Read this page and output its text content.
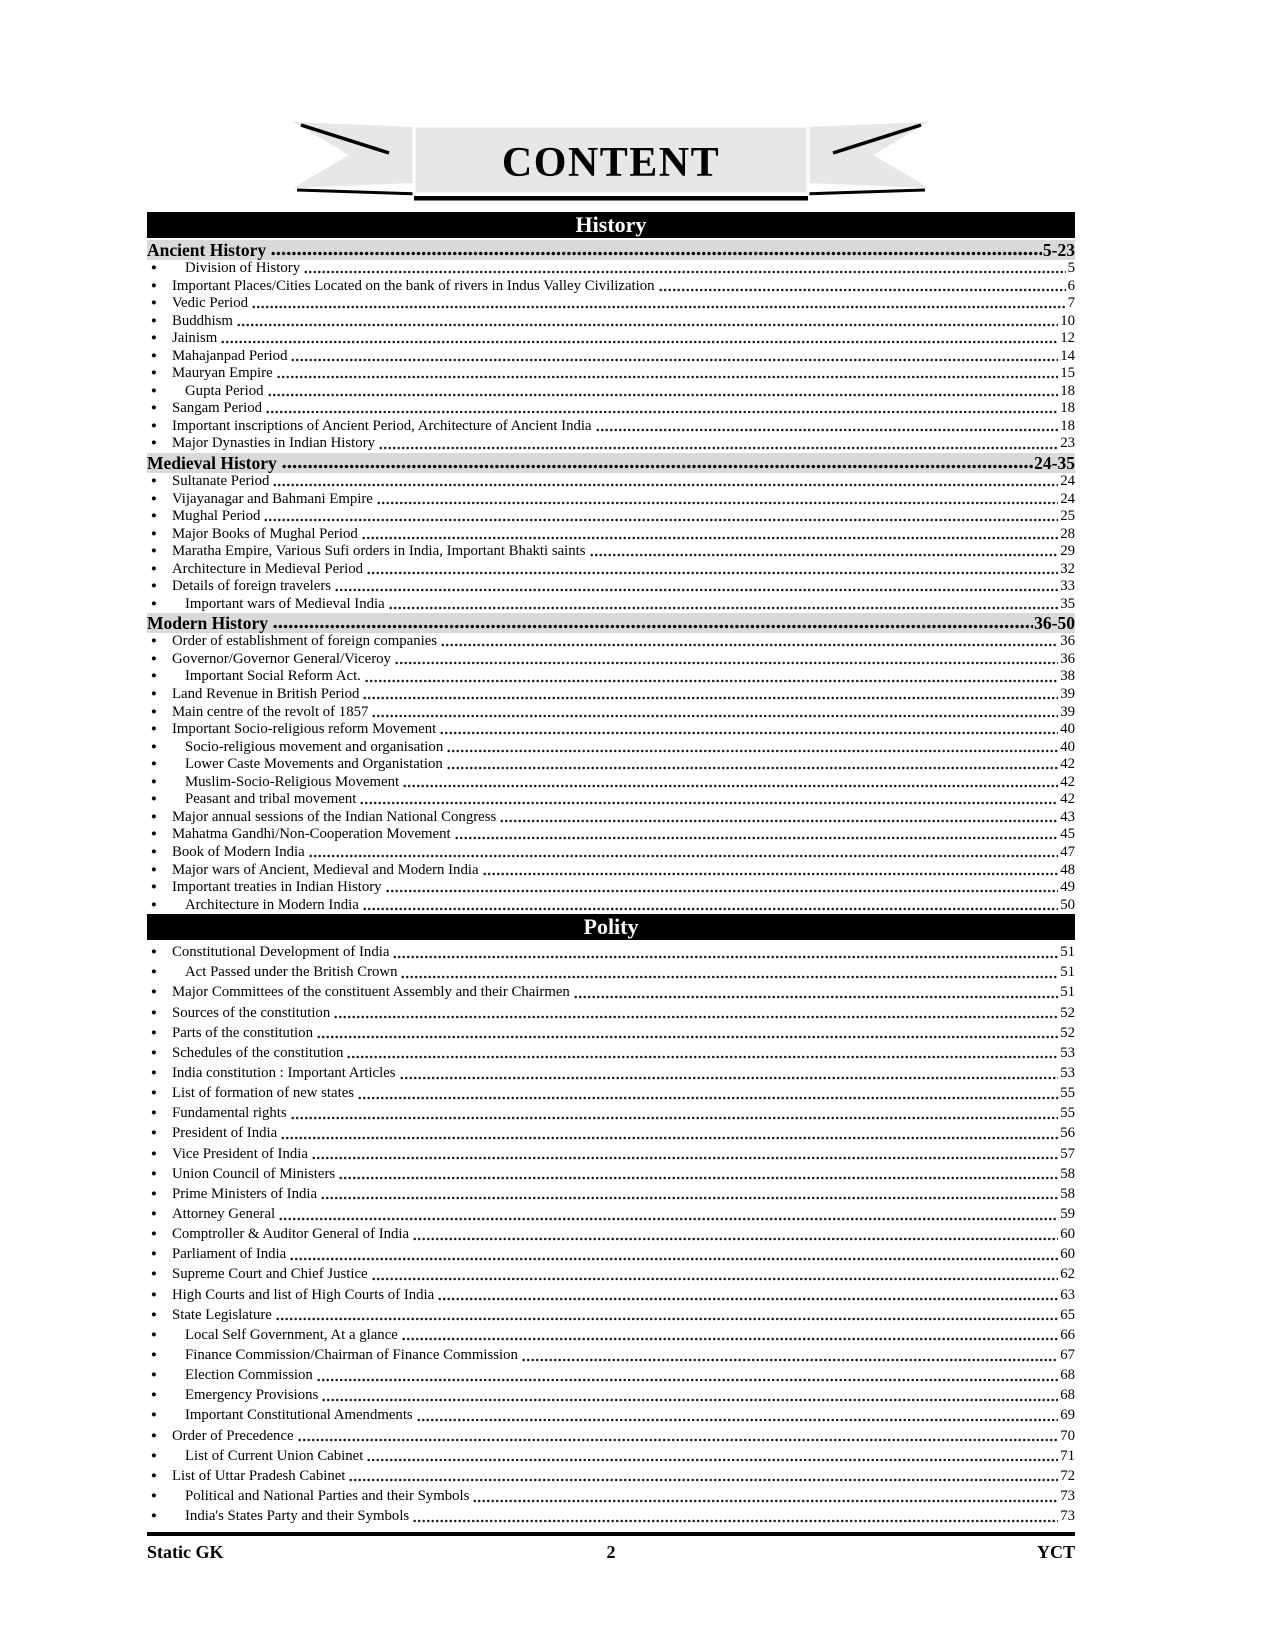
CONTENT
History
Ancient History	5-23
●	Division of History	5
●	Important Places/Cities Located on the bank of rivers in Indus Valley Civilization	6
●	Vedic Period	7
●	Buddhism	10
●	Jainism	12
●	Mahajanpad Period	14
●	Mauryan Empire	15
●	Gupta Period	18
●	Sangam Period	18
●	Important inscriptions of Ancient Period, Architecture of Ancient India	18
●	Major Dynasties in Indian History	23
Medieval History	24-35
●	Sultanate Period	24
●	Vijayanagar and Bahmani Empire	24
●	Mughal Period	25
●	Major Books of Mughal Period	28
●	Maratha Empire, Various Sufi orders in India, Important Bhakti saints	29
●	Architecture in Medieval Period	32
●	Details of foreign travelers	33
●	Important wars of Medieval India	35
Modern History	36-50
●	Order of establishment of foreign companies	36
●	Governor/Governor General/Viceroy	36
●	Important Social Reform Act.	38
●	Land Revenue in British Period	39
●	Main centre of the revolt of 1857	39
●	Important Socio-religious reform Movement	40
●	Socio-religious movement and organisation	40
●	Lower Caste Movements and Organistation	42
●	Muslim-Socio-Religious Movement	42
●	Peasant and tribal movement	42
●	Major annual sessions of the Indian National Congress	43
●	Mahatma Gandhi/Non-Cooperation Movement	45
●	Book of Modern India	47
●	Major wars of Ancient, Medieval and Modern India	48
●	Important treaties in Indian History	49
●	Architecture in Modern India	50
Polity
●	Constitutional Development of India	51
●	Act Passed under the British Crown	51
●	Major Committees of the constituent Assembly and their Chairmen	51
●	Sources of the constitution	52
●	Parts of the constitution	52
●	Schedules of the constitution	53
●	India constitution : Important Articles	53
●	List of formation of new states	55
●	Fundamental rights	55
●	President of India	56
●	Vice President of India	57
●	Union Council of Ministers	58
●	Prime Ministers of India	58
●	Attorney General	59
●	Comptroller & Auditor General of India	60
●	Parliament of India	60
●	Supreme Court and Chief Justice	62
●	High Courts and list of High Courts of India	63
●	State Legislature	65
●	Local Self Government, At a glance	66
●	Finance Commission/Chairman of Finance Commission	67
●	Election Commission	68
●	Emergency Provisions	68
●	Important Constitutional Amendments	69
●	Order of Precedence	70
●	List of Current Union Cabinet	71
●	List of Uttar Pradesh Cabinet	72
●	Political and National Parties and their Symbols	73
●	India's States Party and their Symbols	73
Static GK	2	YCT
